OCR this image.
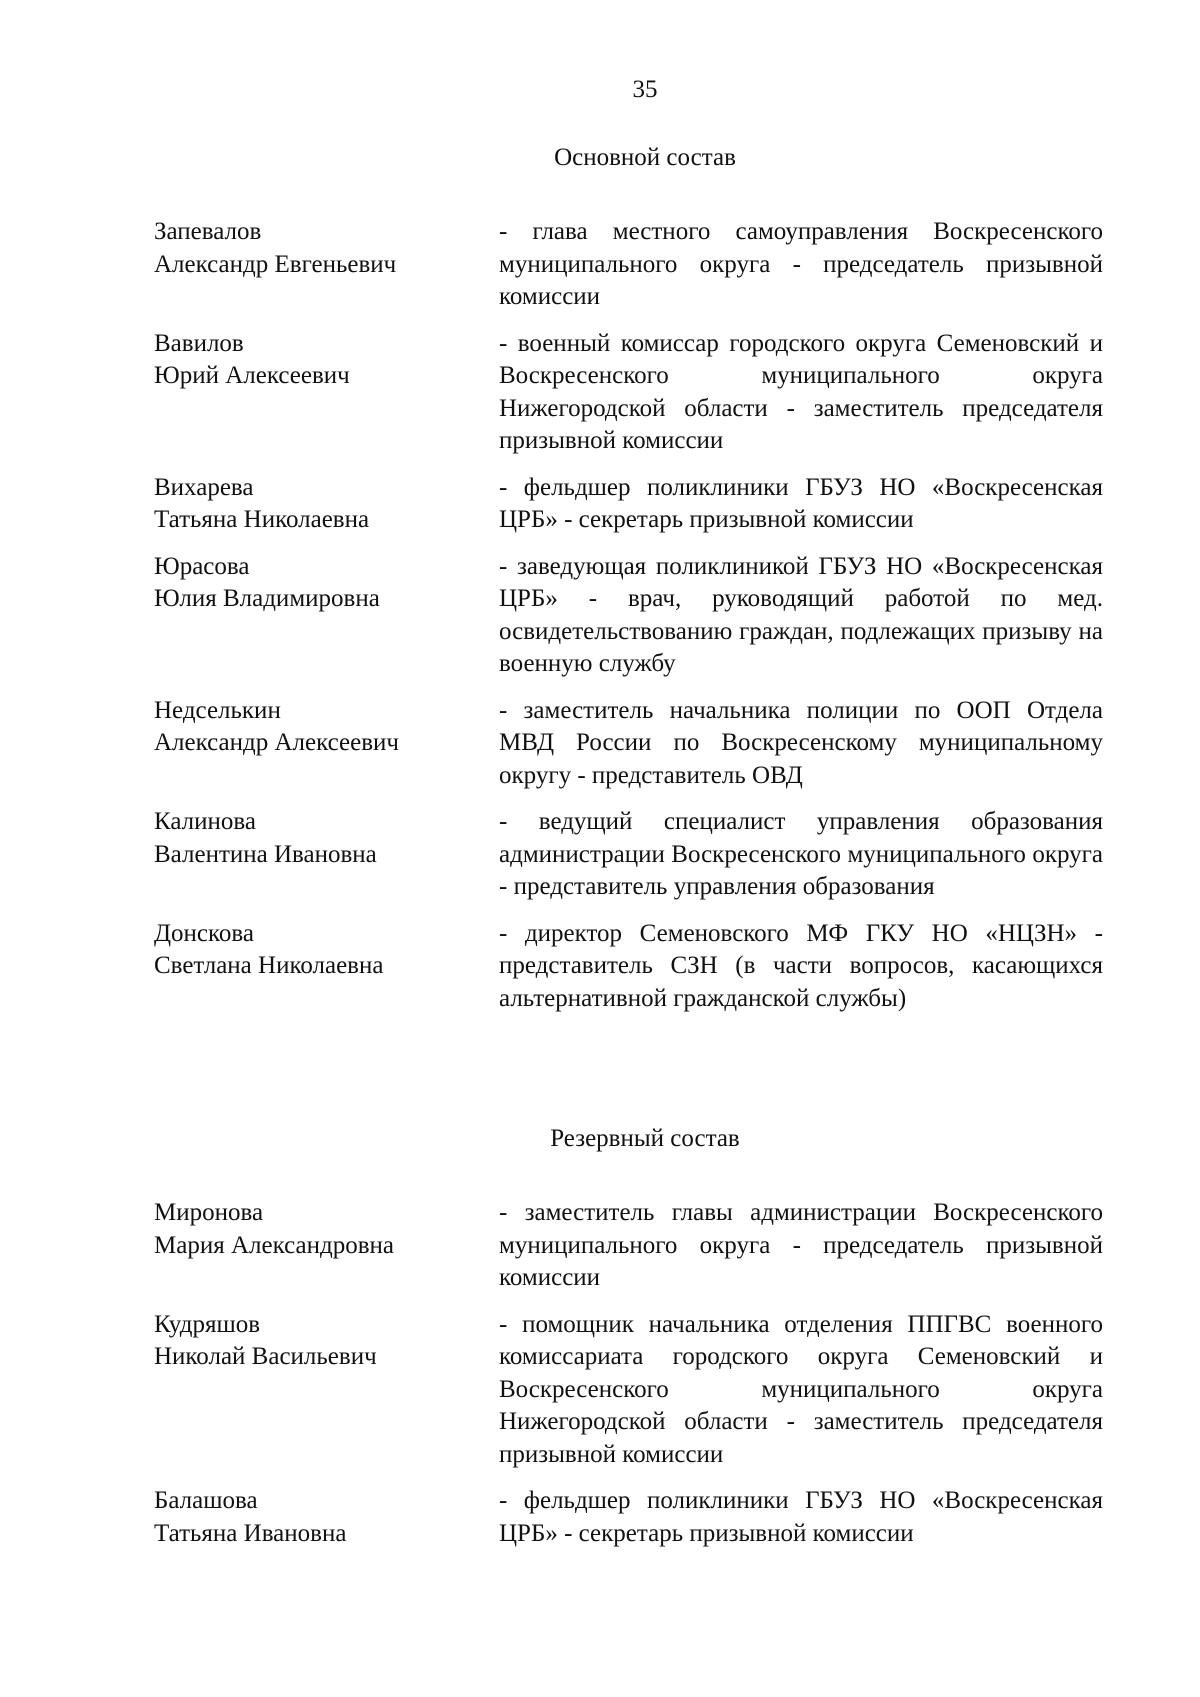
35
Основной состав
Запевалов
Александр Евгеньевич
- глава местного самоуправления Воскресенского муниципального округа - председатель призывной комиссии
Вавилов
Юрий Алексеевич
- военный комиссар городского округа Семеновский и Воскресенского муниципального округа Нижегородской области - заместитель председателя призывной комиссии
Вихарева
Татьяна Николаевна
- фельдшер поликлиники ГБУЗ НО «Воскресенская ЦРБ» - секретарь призывной комиссии
Юрасова
Юлия Владимировна
- заведующая поликлиникой ГБУЗ НО «Воскресенская ЦРБ» - врач, руководящий работой по мед. освидетельствованию граждан, подлежащих призыву на военную службу
Недселькин
Александр Алексеевич
- заместитель начальника полиции по ООП Отдела МВД России по Воскресенскому муниципальному округу - представитель ОВД
Калинова
Валентина Ивановна
- ведущий специалист управления образования администрации Воскресенского муниципального округа - представитель управления образования
Донскова
Светлана Николаевна
- директор Семеновского МФ ГКУ НО «НЦЗН» - представитель СЗН (в части вопросов, касающихся альтернативной гражданской службы)
Резервный состав
Миронова
Мария Александровна
- заместитель главы администрации Воскресенского муниципального округа - председатель призывной комиссии
Кудряшов
Николай Васильевич
- помощник начальника отделения ППГВС военного комиссариата городского округа Семеновский и Воскресенского муниципального округа Нижегородской области - заместитель председателя призывной комиссии
Балашова
Татьяна Ивановна
- фельдшер поликлиники ГБУЗ НО «Воскресенская ЦРБ» - секретарь призывной комиссии
